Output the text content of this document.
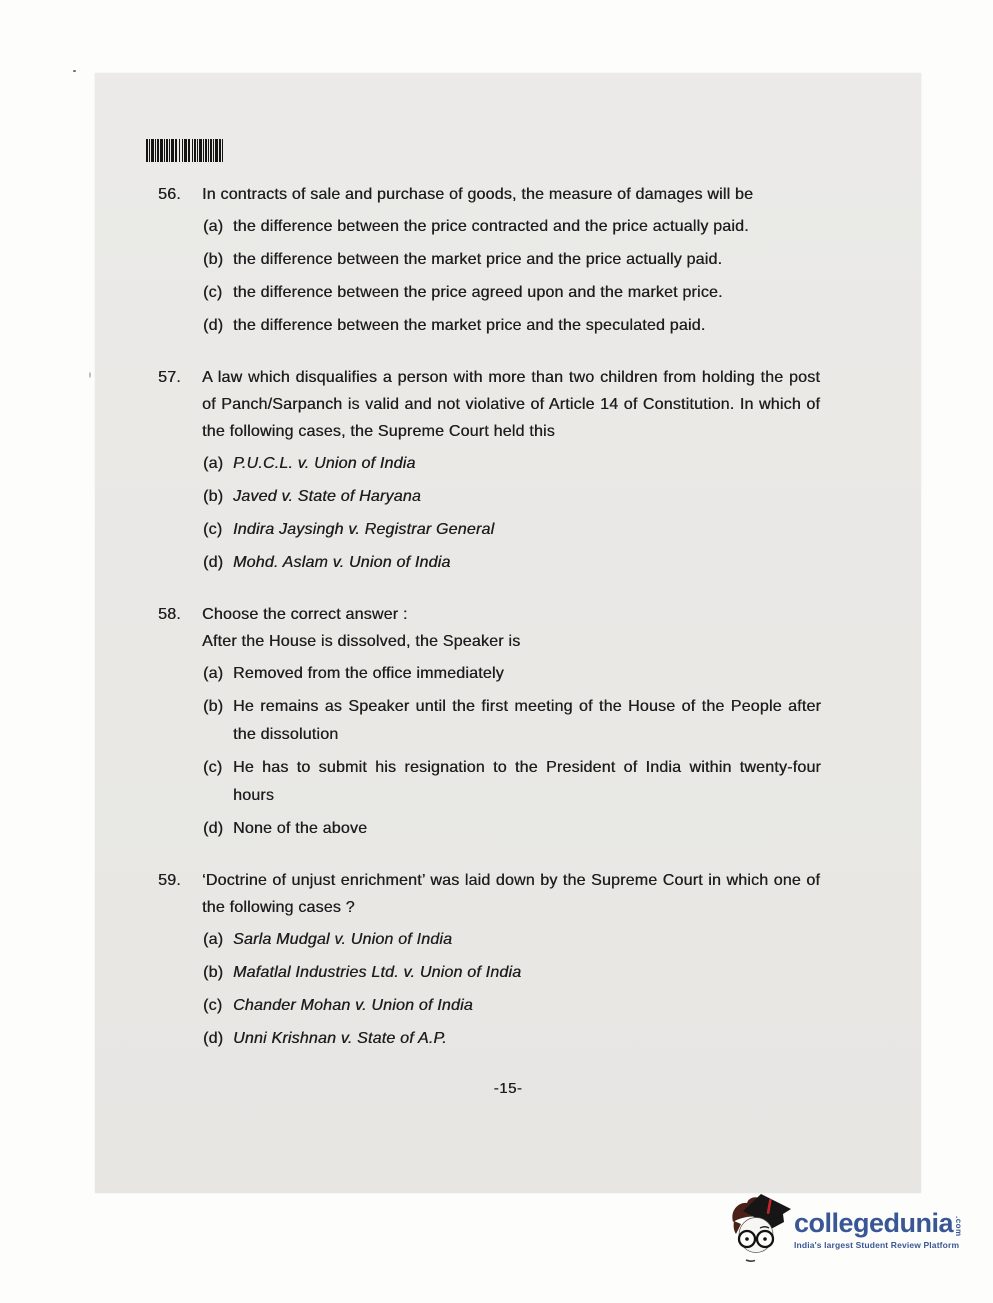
56.	In contracts of sale and purchase of goods, the measure of damages will be
(a) the difference between the price contracted and the price actually paid.
(b) the difference between the market price and the price actually paid.
(c) the difference between the price agreed upon and the market price.
(d) the difference between the market price and the speculated paid.
57.	A law which disqualifies a person with more than two children from holding the post of Panch/Sarpanch is valid and not violative of Article 14 of Constitution. In which of the following cases, the Supreme Court held this
(a) P.U.C.L. v. Union of India
(b) Javed v. State of Haryana
(c) Indira Jaysingh v. Registrar General
(d) Mohd. Aslam v. Union of India
58.	Choose the correct answer :
After the House is dissolved, the Speaker is
(a) Removed from the office immediately
(b) He remains as Speaker until the first meeting of the House of the People after the dissolution
(c) He has to submit his resignation to the President of India within twenty-four hours
(d) None of the above
59.	‘Doctrine of unjust enrichment’ was laid down by the Supreme Court in which one of the following cases ?
(a) Sarla Mudgal v. Union of India
(b) Mafatlal Industries Ltd. v. Union of India
(c) Chander Mohan v. Union of India
(d) Unni Krishnan v. State of A.P.
-15-
collegedunia .com
India's largest Student Review Platform
